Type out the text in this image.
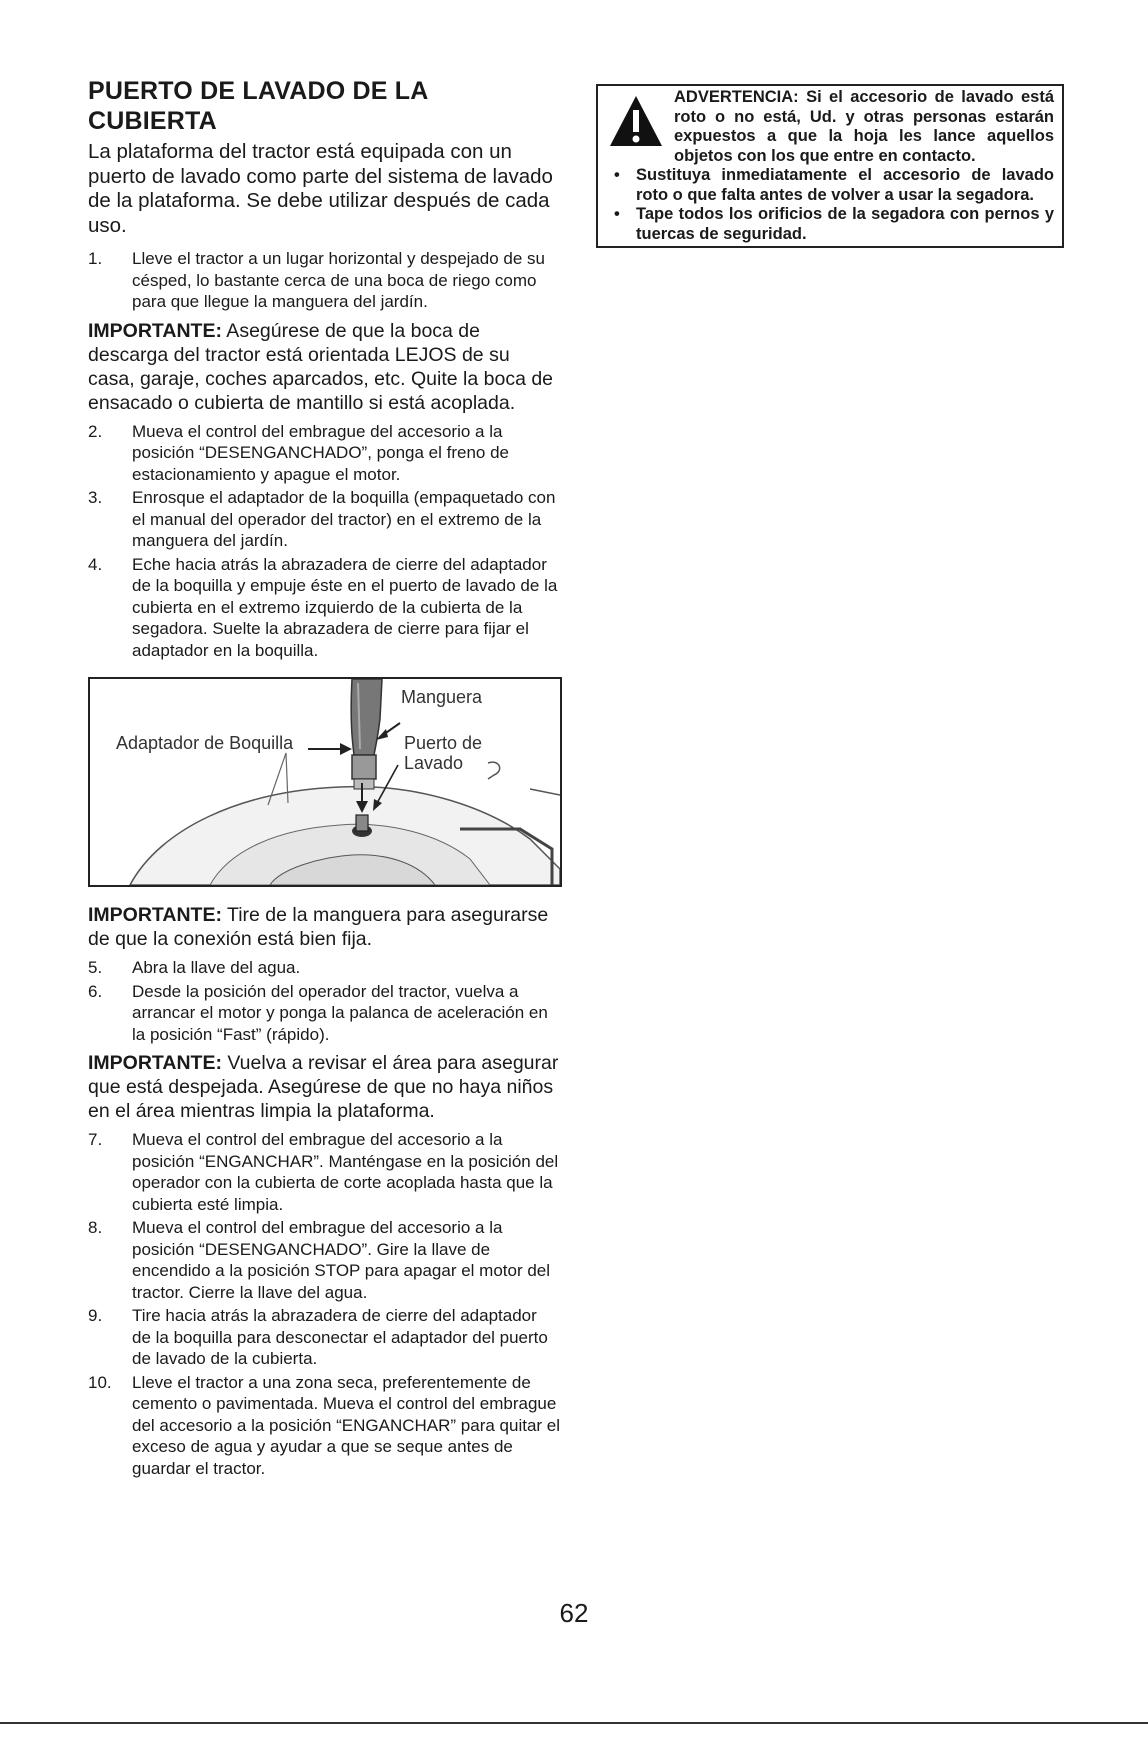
PUERTO DE LAVADO DE LA CUBIERTA

La plataforma del tractor está equipada con un puerto de lavado como parte del sistema de lavado de la plataforma. Se debe utilizar después de cada uso.

1.	Lleve el tractor a un lugar horizontal y despejado de su césped, lo bastante cerca de una boca de riego como para que llegue la manguera del jardín.

IMPORTANTE: Asegúrese de que la boca de descarga del tractor está orientada LEJOS de su casa, garaje, coches aparcados, etc. Quite la boca de ensacado o cubierta de mantillo si está acoplada.

2.	Mueva el control del embrague del accesorio a la posición “DESENGANCHADO”, ponga el freno de estacionamiento y apague el motor.
3.	Enrosque el adaptador de la boquilla (empaquetado con el manual del operador del tractor) en el extremo de la manguera del jardín.
4.	Eche hacia atrás la abrazadera de cierre del adaptador de la boquilla y empuje éste en el puerto de lavado de la cubierta en el extremo izquierdo de la cubierta de la segadora. Suelte la abrazadera de cierre para fijar el adaptador en la boquilla.
Manguera
Adaptador de Boquilla	Puerto de
Lavado

IMPORTANTE: Tire de la manguera para asegurarse de que la conexión está bien fija.

5.	Abra la llave del agua.
6.	Desde la posición del operador del tractor, vuelva a arrancar el motor y ponga la palanca de aceleración en la posición “Fast” (rápido).

IMPORTANTE: Vuelva a revisar el área para asegurar que está despejada. Asegúrese de que no haya niños en el área mientras limpia la plataforma.

7.	Mueva el control del embrague del accesorio a la posición “ENGANCHAR”. Manténgase en la posición del operador con la cubierta de corte acoplada hasta que la cubierta esté limpia.
8.	Mueva el control del embrague del accesorio a la posición “DESENGANCHADO”. Gire la llave de encendido a la posición STOP para apagar el motor del tractor. Cierre la llave del agua.
9.	Tire hacia atrás la abrazadera de cierre del adaptador de la boquilla para desconectar el adaptador del puerto de lavado de la cubierta.
10.	Lleve el tractor a una zona seca, preferentemente de cemento o pavimentada. Mueva el control del embrague del accesorio a la posición “ENGANCHAR” para quitar el exceso de agua y ayudar a que se seque antes de guardar el tractor.
ADVERTENCIA: Si el accesorio de lavado está roto o no está, Ud. y otras personas estarán expuestos a que la hoja les lance aquellos objetos con los que entre en contacto.
• Sustituya inmediatamente el accesorio de lavado roto o que falta antes de volver a usar la segadora.
• Tape todos los orificios de la segadora con pernos y tuercas de seguridad.
62
